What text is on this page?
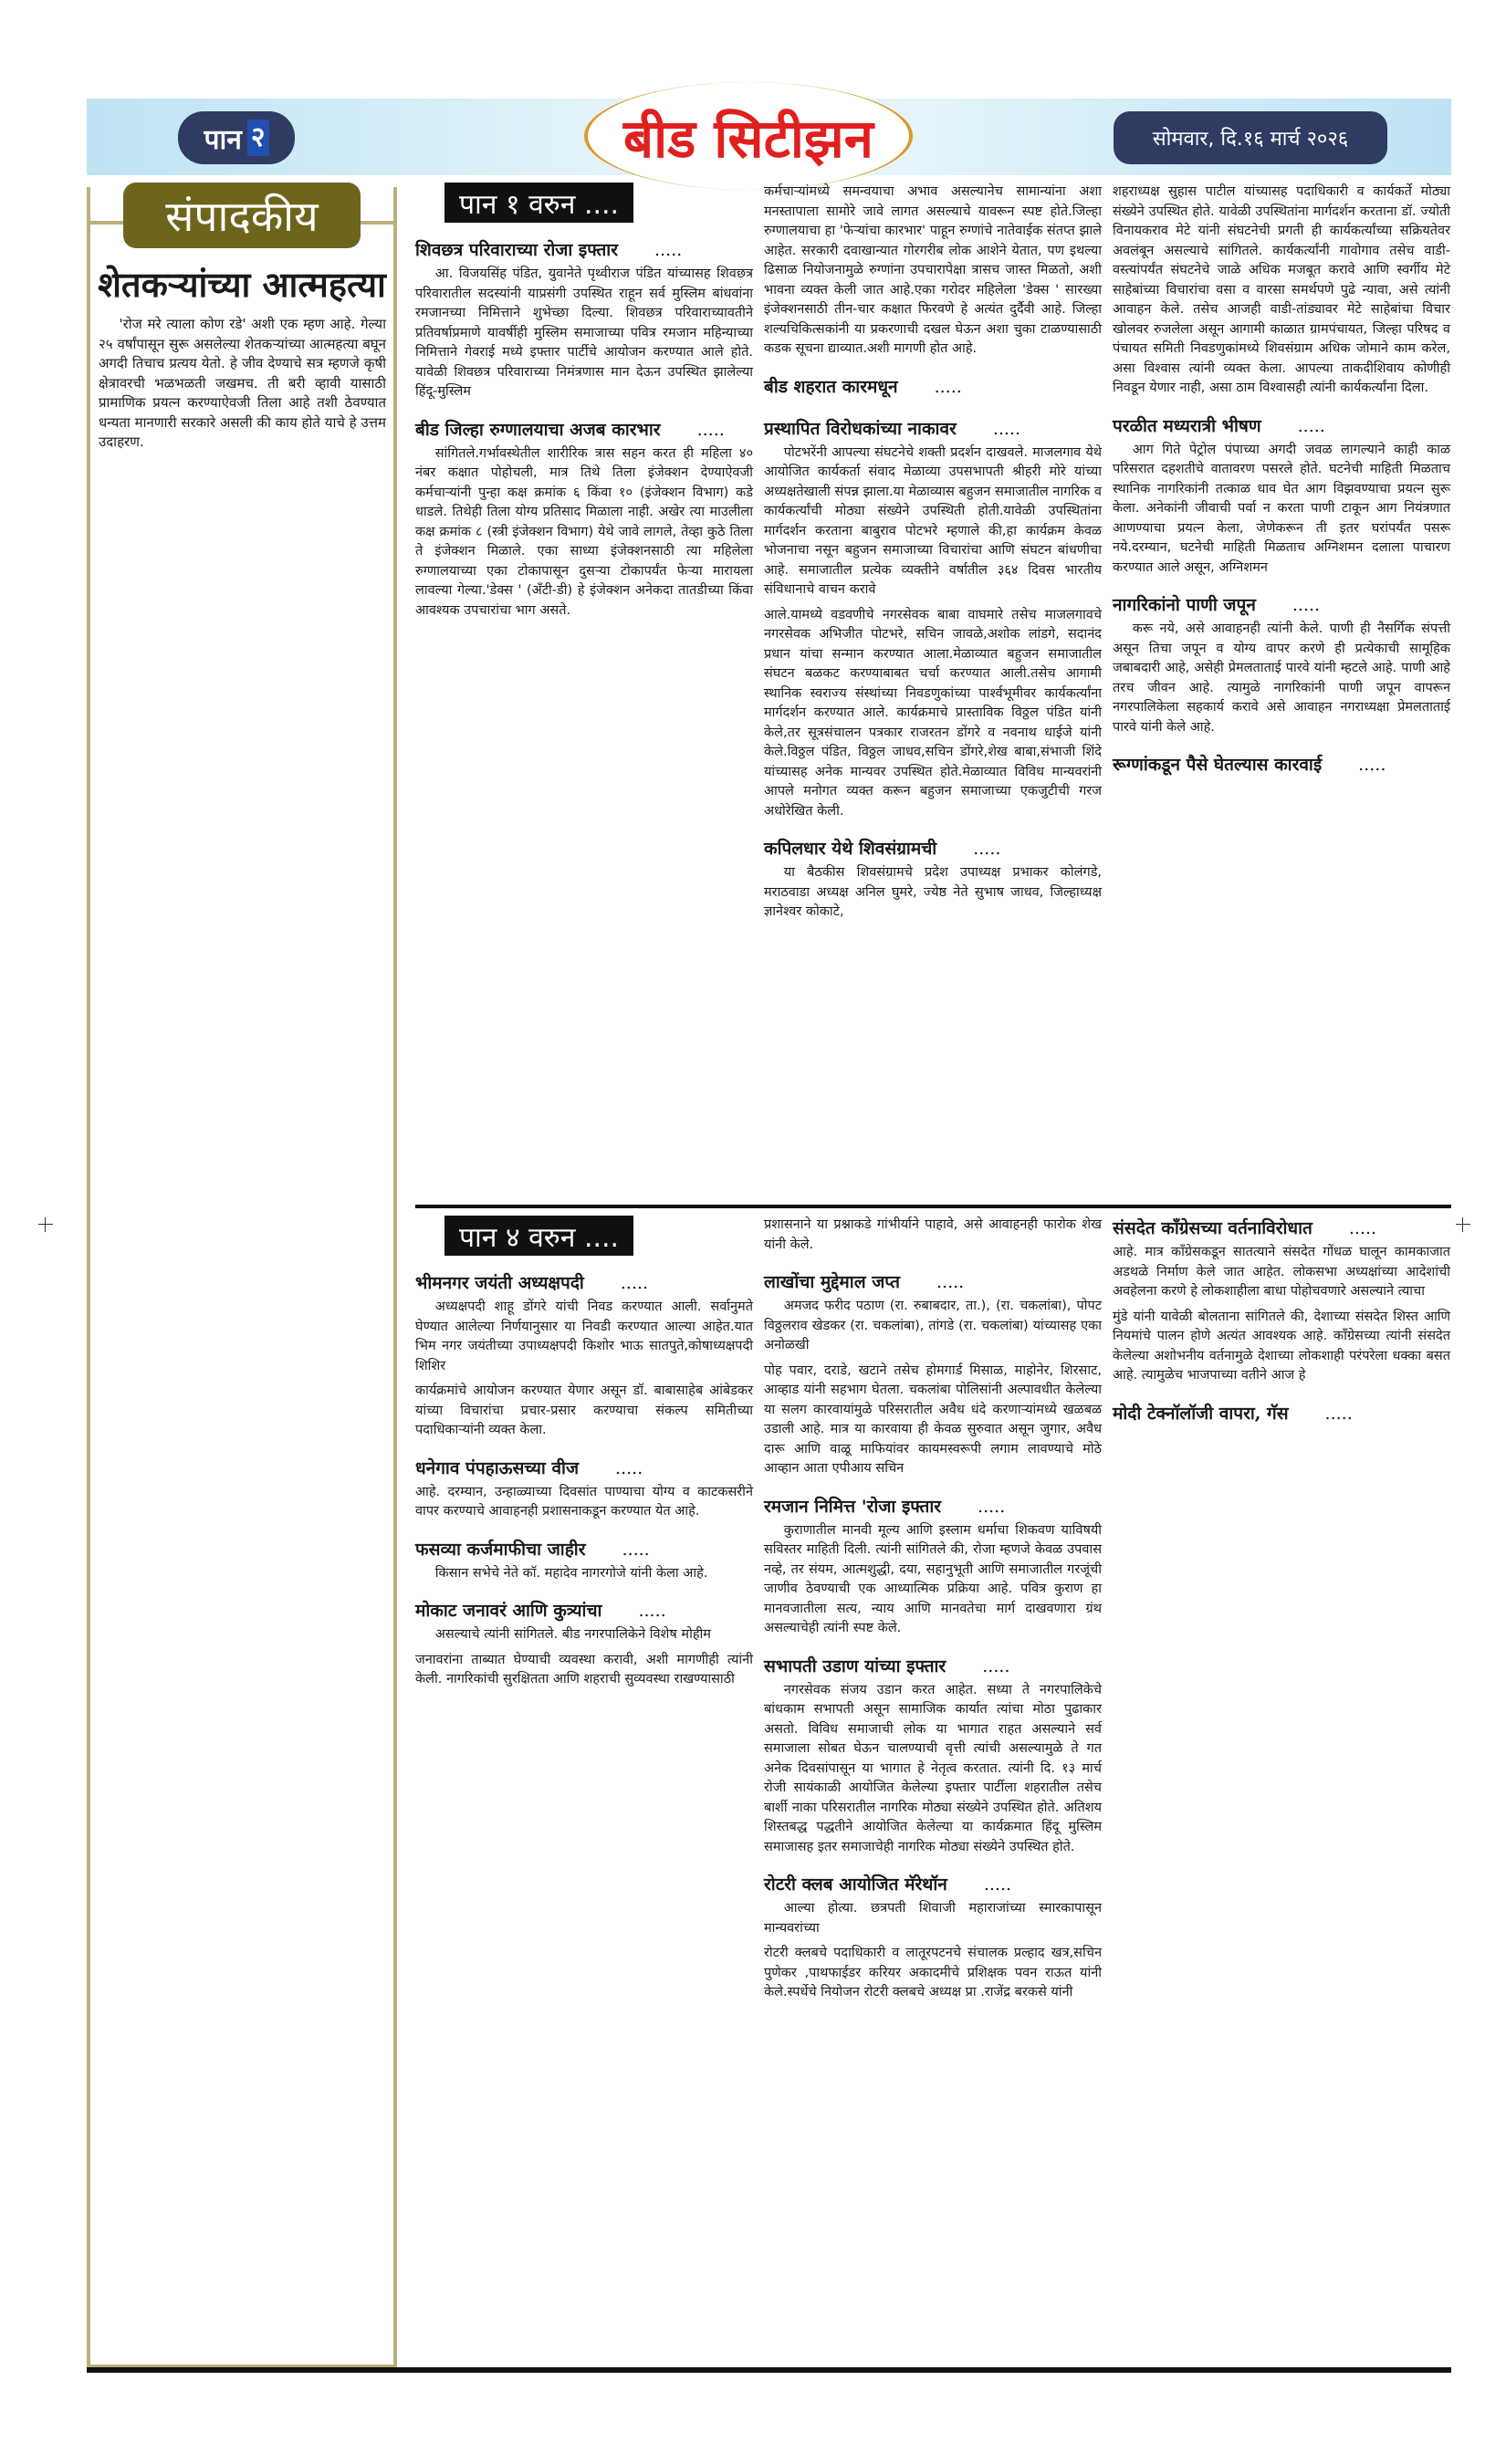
पान २	बीड सिटीझन	सोमवार, दि.१६ मार्च २०२६
संपादकीय
शेतकऱ्यांच्या आत्महत्या
'रोज मरे त्याला कोण रडे' अशी एक म्हण आहे. गेल्या २५ वर्षांपासून सुरू असलेल्या शेतकऱ्यांच्या आत्महत्या बघून अगदी तिचाच प्रत्यय येतो. हे जीव देण्याचे सत्र म्हणजे कृषी क्षेत्रावरची भळभळती जखमच. ती बरी व्हावी यासाठी प्रामाणिक प्रयत्न करण्याऐवजी तिला आहे तशी ठेवण्यात धन्यता मानणारी सरकारे असली की काय होते याचे हे उत्तम उदाहरण.
पान १ वरुन ....
शिवछत्र परिवाराच्या रोजा इफ्तार .....

आ. विजयसिंह पंडित, युवानेते पृथ्वीराज पंडित यांच्यासह शिवछत्र परिवारातील सदस्यांनी याप्रसंगी उपस्थित राहून सर्व मुस्लिम बांधवांना रमजानच्या निमित्ताने शुभेच्छा दिल्या. शिवछत्र परिवाराच्यावतीने प्रतिवर्षाप्रमाणे यावर्षीही मुस्लिम समाजाच्या पवित्र रमजान महिन्याच्या निमित्ताने गेवराई मध्ये इफ्तार पार्टीचे आयोजन करण्यात आले होते. यावेळी शिवछत्र परिवाराच्या निमंत्रणास मान देऊन उपस्थित झालेल्या हिंदू-मुस्लिम

बीड जिल्हा रुग्णालयाचा अजब कारभार .....

सांगितले.गर्भावस्थेतील शारीरिक त्रास सहन करत ही महिला ४० नंबर कक्षात पोहोचली, मात्र तिथे तिला इंजेक्शन देण्याऐवजी कर्मचाऱ्यांनी पुन्हा कक्ष क्रमांक ६ किंवा १० (इंजेक्शन विभाग) कडे धाडले. तिथेही तिला योग्य प्रतिसाद मिळाला नाही. अखेर त्या माउलीला कक्ष क्रमांक ८ (स्त्री इंजेक्शन विभाग) येथे जावे लागले, तेव्हा कुठे तिला ते इंजेक्शन मिळाले. एका साध्या इंजेक्शनसाठी त्या महिलेला रुग्णालयाच्या एका टोकापासून दुसऱ्या टोकापर्यंत फेऱ्या मारायला लावल्या गेल्या.'डेक्स ' (अँटी-डी) हे इंजेक्शन अनेकदा तातडीच्या किंवा आवश्यक उपचारांचा भाग असते.

कर्मचाऱ्यांमध्ये समन्वयाचा अभाव असल्यानेच सामान्यांना अशा मनस्तापाला सामोरे जावे लागत असल्याचे यावरून स्पष्ट होते.जिल्हा रुग्णालयाचा हा 'फेऱ्यांचा कारभार' पाहून रुग्णांचे नातेवाईक संतप्त झाले आहेत. सरकारी दवाखान्यात गोरगरीब लोक आशेने येतात, पण इथल्या ढिसाळ नियोजनामुळे रुग्णांना उपचारापेक्षा त्रासच जास्त मिळतो, अशी भावना व्यक्त केली जात आहे.एका गरोदर महिलेला 'डेक्स ' सारख्या इंजेक्शनसाठी तीन-चार कक्षात फिरवणे हे अत्यंत दुर्दैवी आहे. जिल्हा शल्यचिकित्सकांनी या प्रकरणाची दखल घेऊन अशा चुका टाळण्यासाठी कडक सूचना द्याव्यात.अशी मागणी होत आहे.

बीड शहरात कारमधून .....
प्रस्थापित विरोधकांच्या नाकावर .....

पोटभरेंनी आपल्या संघटनेचे शक्ती प्रदर्शन दाखवले. माजलगाव येथे आयोजित कार्यकर्ता संवाद मेळाव्या उपसभापती श्रीहरी मोरे यांच्या अध्यक्षतेखाली संपन्न झाला.या मेळाव्यास बहुजन समाजातील नागरिक व कार्यकर्त्यांची मोठ्या संख्येने उपस्थिती होती.यावेळी उपस्थितांना मार्गदर्शन करताना बाबुराव पोटभरे म्हणाले की,हा कार्यक्रम केवळ भोजनाचा नसून बहुजन समाजाच्या विचारांचा आणि संघटन बांधणीचा आहे. समाजातील प्रत्येक व्यक्तीने वर्षातील ३६४ दिवस भारतीय संविधानाचे वाचन करावे

आले.यामध्ये वडवणीचे नगरसेवक बाबा वाघमारे तसेच माजलगावचे नगरसेवक अभिजीत पोटभरे, सचिन जावळे,अशोक लांडगे, सदानंद प्रधान यांचा सन्मान करण्यात आला.मेळाव्यात बहुजन समाजातील संघटन बळकट करण्याबाबत चर्चा करण्यात आली.तसेच आगामी स्थानिक स्वराज्य संस्थांच्या निवडणुकांच्या पार्श्वभूमीवर कार्यकर्त्यांना मार्गदर्शन करण्यात आले. कार्यक्रमाचे प्रास्ताविक विठ्ठल पंडित यांनी केले,तर सूत्रसंचालन पत्रकार राजरतन डोंगरे व नवनाथ धाईजे यांनी केले.विठ्ठल पंडित, विठ्ठल जाधव,सचिन डोंगरे,शेख बाबा,संभाजी शिंदे यांच्यासह अनेक मान्यवर उपस्थित होते.मेळाव्यात विविध मान्यवरांनी आपले मनोगत व्यक्त करून बहुजन समाजाच्या एकजुटीची गरज अधोरेखित केली.

कपिलधार येथे शिवसंग्रामची .....

या बैठकीस शिवसंग्रामचे प्रदेश उपाध्यक्ष प्रभाकर कोलंगडे, मराठवाडा अध्यक्ष अनिल घुमरे, ज्येष्ठ नेते सुभाष जाधव, जिल्हाध्यक्ष ज्ञानेश्वर कोकाटे,

शहराध्यक्ष सुहास पाटील यांच्यासह पदाधिकारी व कार्यकर्ते मोठ्या संख्येने उपस्थित होते. यावेळी उपस्थितांना मार्गदर्शन करताना डॉ. ज्योती विनायकराव मेटे यांनी संघटनेची प्रगती ही कार्यकर्त्यांच्या सक्रियतेवर अवलंबून असल्याचे सांगितले. कार्यकर्त्यांनी गावोगाव तसेच वाडी-वस्त्यांपर्यंत संघटनेचे जाळे अधिक मजबूत करावे आणि स्वर्गीय मेटे साहेबांच्या विचारांचा वसा व वारसा समर्थपणे पुढे न्यावा, असे त्यांनी आवाहन केले. तसेच आजही वाडी-तांड्यावर मेटे साहेबांचा विचार खोलवर रुजलेला असून आगामी काळात ग्रामपंचायत, जिल्हा परिषद व पंचायत समिती निवडणुकांमध्ये शिवसंग्राम अधिक जोमाने काम करेल, असा विश्वास त्यांनी व्यक्त केला. आपल्या ताकदीशिवाय कोणीही निवडून येणार नाही, असा ठाम विश्वासही त्यांनी कार्यकर्त्यांना दिला.

परळीत मध्यरात्री भीषण .....

आग गिते पेट्रोल पंपाच्या अगदी जवळ लागल्याने काही काळ परिसरात दहशतीचे वातावरण पसरले होते. घटनेची माहिती मिळताच स्थानिक नागरिकांनी तत्काळ धाव घेत आग विझवण्याचा प्रयत्न सुरू केला. अनेकांनी जीवाची पर्वा न करता पाणी टाकून आग नियंत्रणात आणण्याचा प्रयत्न केला, जेणेकरून ती इतर घरांपर्यंत पसरू नये.दरम्यान, घटनेची माहिती मिळताच अग्निशमन दलाला पाचारण करण्यात आले असून, अग्निशमन

नागरिकांनो पाणी जपून .....

करू नये, असे आवाहनही त्यांनी केले. पाणी ही नैसर्गिक संपत्ती असून तिचा जपून व योग्य वापर करणे ही प्रत्येकाची सामूहिक जबाबदारी आहे, असेही प्रेमलताताई पारवे यांनी म्हटले आहे. पाणी आहे तरच जीवन आहे. त्यामुळे नागरिकांनी पाणी जपून वापरून नगरपालिकेला सहकार्य करावे असे आवाहन नगराध्यक्षा प्रेमलताताई पारवे यांनी केले आहे.

रूग्णांकडून पैसे घेतल्यास कारवाई .....
पान ४ वरुन ....
भीमनगर जयंती अध्यक्षपदी .....

अध्यक्षपदी शाहू डोंगरे यांची निवड करण्यात आली. सर्वानुमते घेण्यात आलेल्या निर्णयानुसार या निवडी करण्यात आल्या आहेत.यात भिम नगर जयंतीच्या उपाध्यक्षपदी किशोर भाऊ सातपुते,कोषाध्यक्षपदी शिशिर

कार्यक्रमांचे आयोजन करण्यात येणार असून डॉ. बाबासाहेब आंबेडकर यांच्या विचारांचा प्रचार-प्रसार करण्याचा संकल्प समितीच्या पदाधिकाऱ्यांनी व्यक्त केला.

धनेगाव पंपहाऊसच्या वीज .....

आहे. दरम्यान, उन्हाळ्याच्या दिवसांत पाण्याचा योग्य व काटकसरीने वापर करण्याचे आवाहनही प्रशासनाकडून करण्यात येत आहे.

फसव्या कर्जमाफीचा जाहीर .....

किसान सभेचे नेते कॉ. महादेव नागरगोजे यांनी केला आहे.

मोकाट जनावरं आणि कुत्र्यांचा .....

असल्याचे त्यांनी सांगितले. बीड नगरपालिकेने विशेष मोहीम

जनावरांना ताब्यात घेण्याची व्यवस्था करावी, अशी मागणीही त्यांनी केली. नागरिकांची सुरक्षितता आणि शहराची सुव्यवस्था राखण्यासाठी

प्रशासनाने या प्रश्नाकडे गांभीर्याने पाहावे, असे आवाहनही फारोक शेख यांनी केले.

लाखोंचा मुद्देमाल जप्त .....

अमजद फरीद पठाण (रा. रुबाबदार, ता.), (रा. चकलांबा), पोपट विठ्ठलराव खेडकर (रा. चकलांबा), तांगडे (रा. चकलांबा) यांच्यासह एका अनोळखी

पोह पवार, दराडे, खटाने तसेच होमगार्ड मिसाळ, माहोनेर, शिरसाट, आव्हाड यांनी सहभाग घेतला. चकलांबा पोलिसांनी अल्पावधीत केलेल्या या सलग कारवायांमुळे परिसरातील अवैध धंदे करणाऱ्यांमध्ये खळबळ उडाली आहे. मात्र या कारवाया ही केवळ सुरुवात असून जुगार, अवैध दारू आणि वाळू माफियांवर कायमस्वरूपी लगाम लावण्याचे मोठे आव्हान आता एपीआय सचिन

रमजान निमित्त 'रोजा इफ्तार .....

कुराणातील मानवी मूल्य आणि इस्लाम धर्माचा शिकवण याविषयी सविस्तर माहिती दिली. त्यांनी सांगितले की, रोजा म्हणजे केवळ उपवास नव्हे, तर संयम, आत्मशुद्धी, दया, सहानुभूती आणि समाजातील गरजूंची जाणीव ठेवण्याची एक आध्यात्मिक प्रक्रिया आहे. पवित्र कुराण हा मानवजातीला सत्य, न्याय आणि मानवतेचा मार्ग दाखवणारा ग्रंथ असल्याचेही त्यांनी स्पष्ट केले.

सभापती उडाण यांच्या इफ्तार .....

नगरसेवक संजय उडान करत आहेत. सध्या ते नगरपालिकेचे बांधकाम सभापती असून सामाजिक कार्यात त्यांचा मोठा पुढाकार असतो. विविध समाजाची लोक या भागात राहत असल्याने सर्व समाजाला सोबत घेऊन चालण्याची वृत्ती त्यांची असल्यामुळे ते गत अनेक दिवसांपासून या भागात हे नेतृत्व करतात. त्यांनी दि. १३ मार्च रोजी सायंकाळी आयोजित केलेल्या इफ्तार पार्टीला शहरातील तसेच बार्शी नाका परिसरातील नागरिक मोठ्या संख्येने उपस्थित होते. अतिशय शिस्तबद्ध पद्धतीने आयोजित केलेल्या या कार्यक्रमात हिंदू मुस्लिम समाजासह इतर समाजाचेही नागरिक मोठ्या संख्येने उपस्थित होते.

रोटरी क्लब आयोजित मॅरेथॉन .....

आल्या होत्या. छत्रपती शिवाजी महाराजांच्या स्मारकापासून मान्यवरांच्या

रोटरी क्लबचे पदाधिकारी व लातूरपटनचे संचालक प्रल्हाद खत्र,सचिन पुणेकर ,पाथफाईडर करियर अकादमीचे प्रशिक्षक पवन राऊत यांनी केले.स्पर्धेचे नियोजन रोटरी क्लबचे अध्यक्ष प्रा .राजेंद्र बरकसे यांनी

संसदेत काँग्रेसच्या वर्तनाविरोधात .....

आहे. मात्र काँग्रेसकडून सातत्याने संसदेत गोंधळ घालून कामकाजात अडथळे निर्माण केले जात आहेत. लोकसभा अध्यक्षांच्या आदेशांची अवहेलना करणे हे लोकशाहीला बाधा पोहोचवणारे असल्याने त्याचा

मुंडे यांनी यावेळी बोलताना सांगितले की, देशाच्या संसदेत शिस्त आणि नियमांचे पालन होणे अत्यंत आवश्यक आहे. काँग्रेसच्या त्यांनी संसदेत केलेल्या अशोभनीय वर्तनामुळे देशाच्या लोकशाही परंपरेला धक्का बसत आहे. त्यामुळेच भाजपाच्या वतीने आज हे

मोदी टेक्नॉलॉजी वापरा, गॅस .....
